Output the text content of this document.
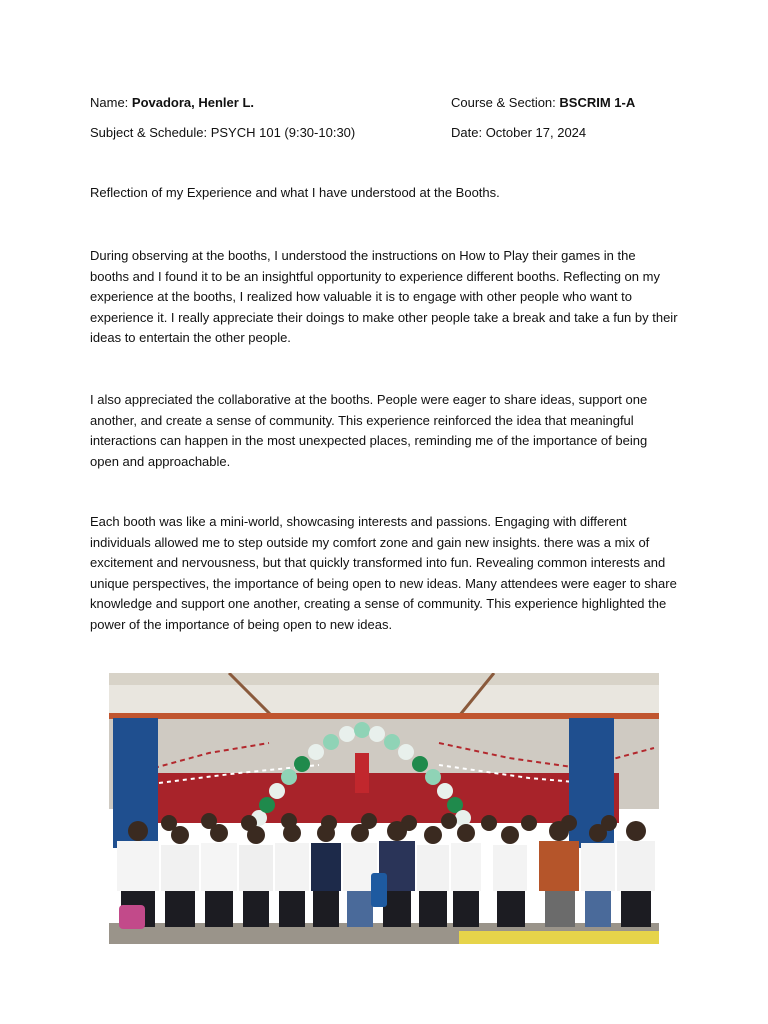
Name: Povadora, Henler L.	Course & Section: BSCRIM 1-A
Subject & Schedule: PSYCH 101 (9:30-10:30)	Date: October 17, 2024
Reflection of my Experience and what I have understood at the Booths.

During observing at the booths, I understood the instructions on How to Play their games in the booths and I found it to be an insightful opportunity to experience different booths. Reflecting on my experience at the booths, I realized how valuable it is to engage with other people who want to experience it. I really appreciate their doings to make other people take a break and take a fun by their ideas to entertain the other people.

I also appreciated the collaborative at the booths. People were eager to share ideas, support one another, and create a sense of community. This experience reinforced the idea that meaningful interactions can happen in the most unexpected places, reminding me of the importance of being open and approachable.

Each booth was like a mini-world, showcasing interests and passions. Engaging with different individuals allowed me to step outside my comfort zone and gain new insights. there was a mix of excitement and nervousness, but that quickly transformed into fun. Revealing common interests and unique perspectives, the importance of being open to new ideas. Many attendees were eager to share knowledge and support one another, creating a sense of community. This experience highlighted the power of the importance of being open to new ideas.
